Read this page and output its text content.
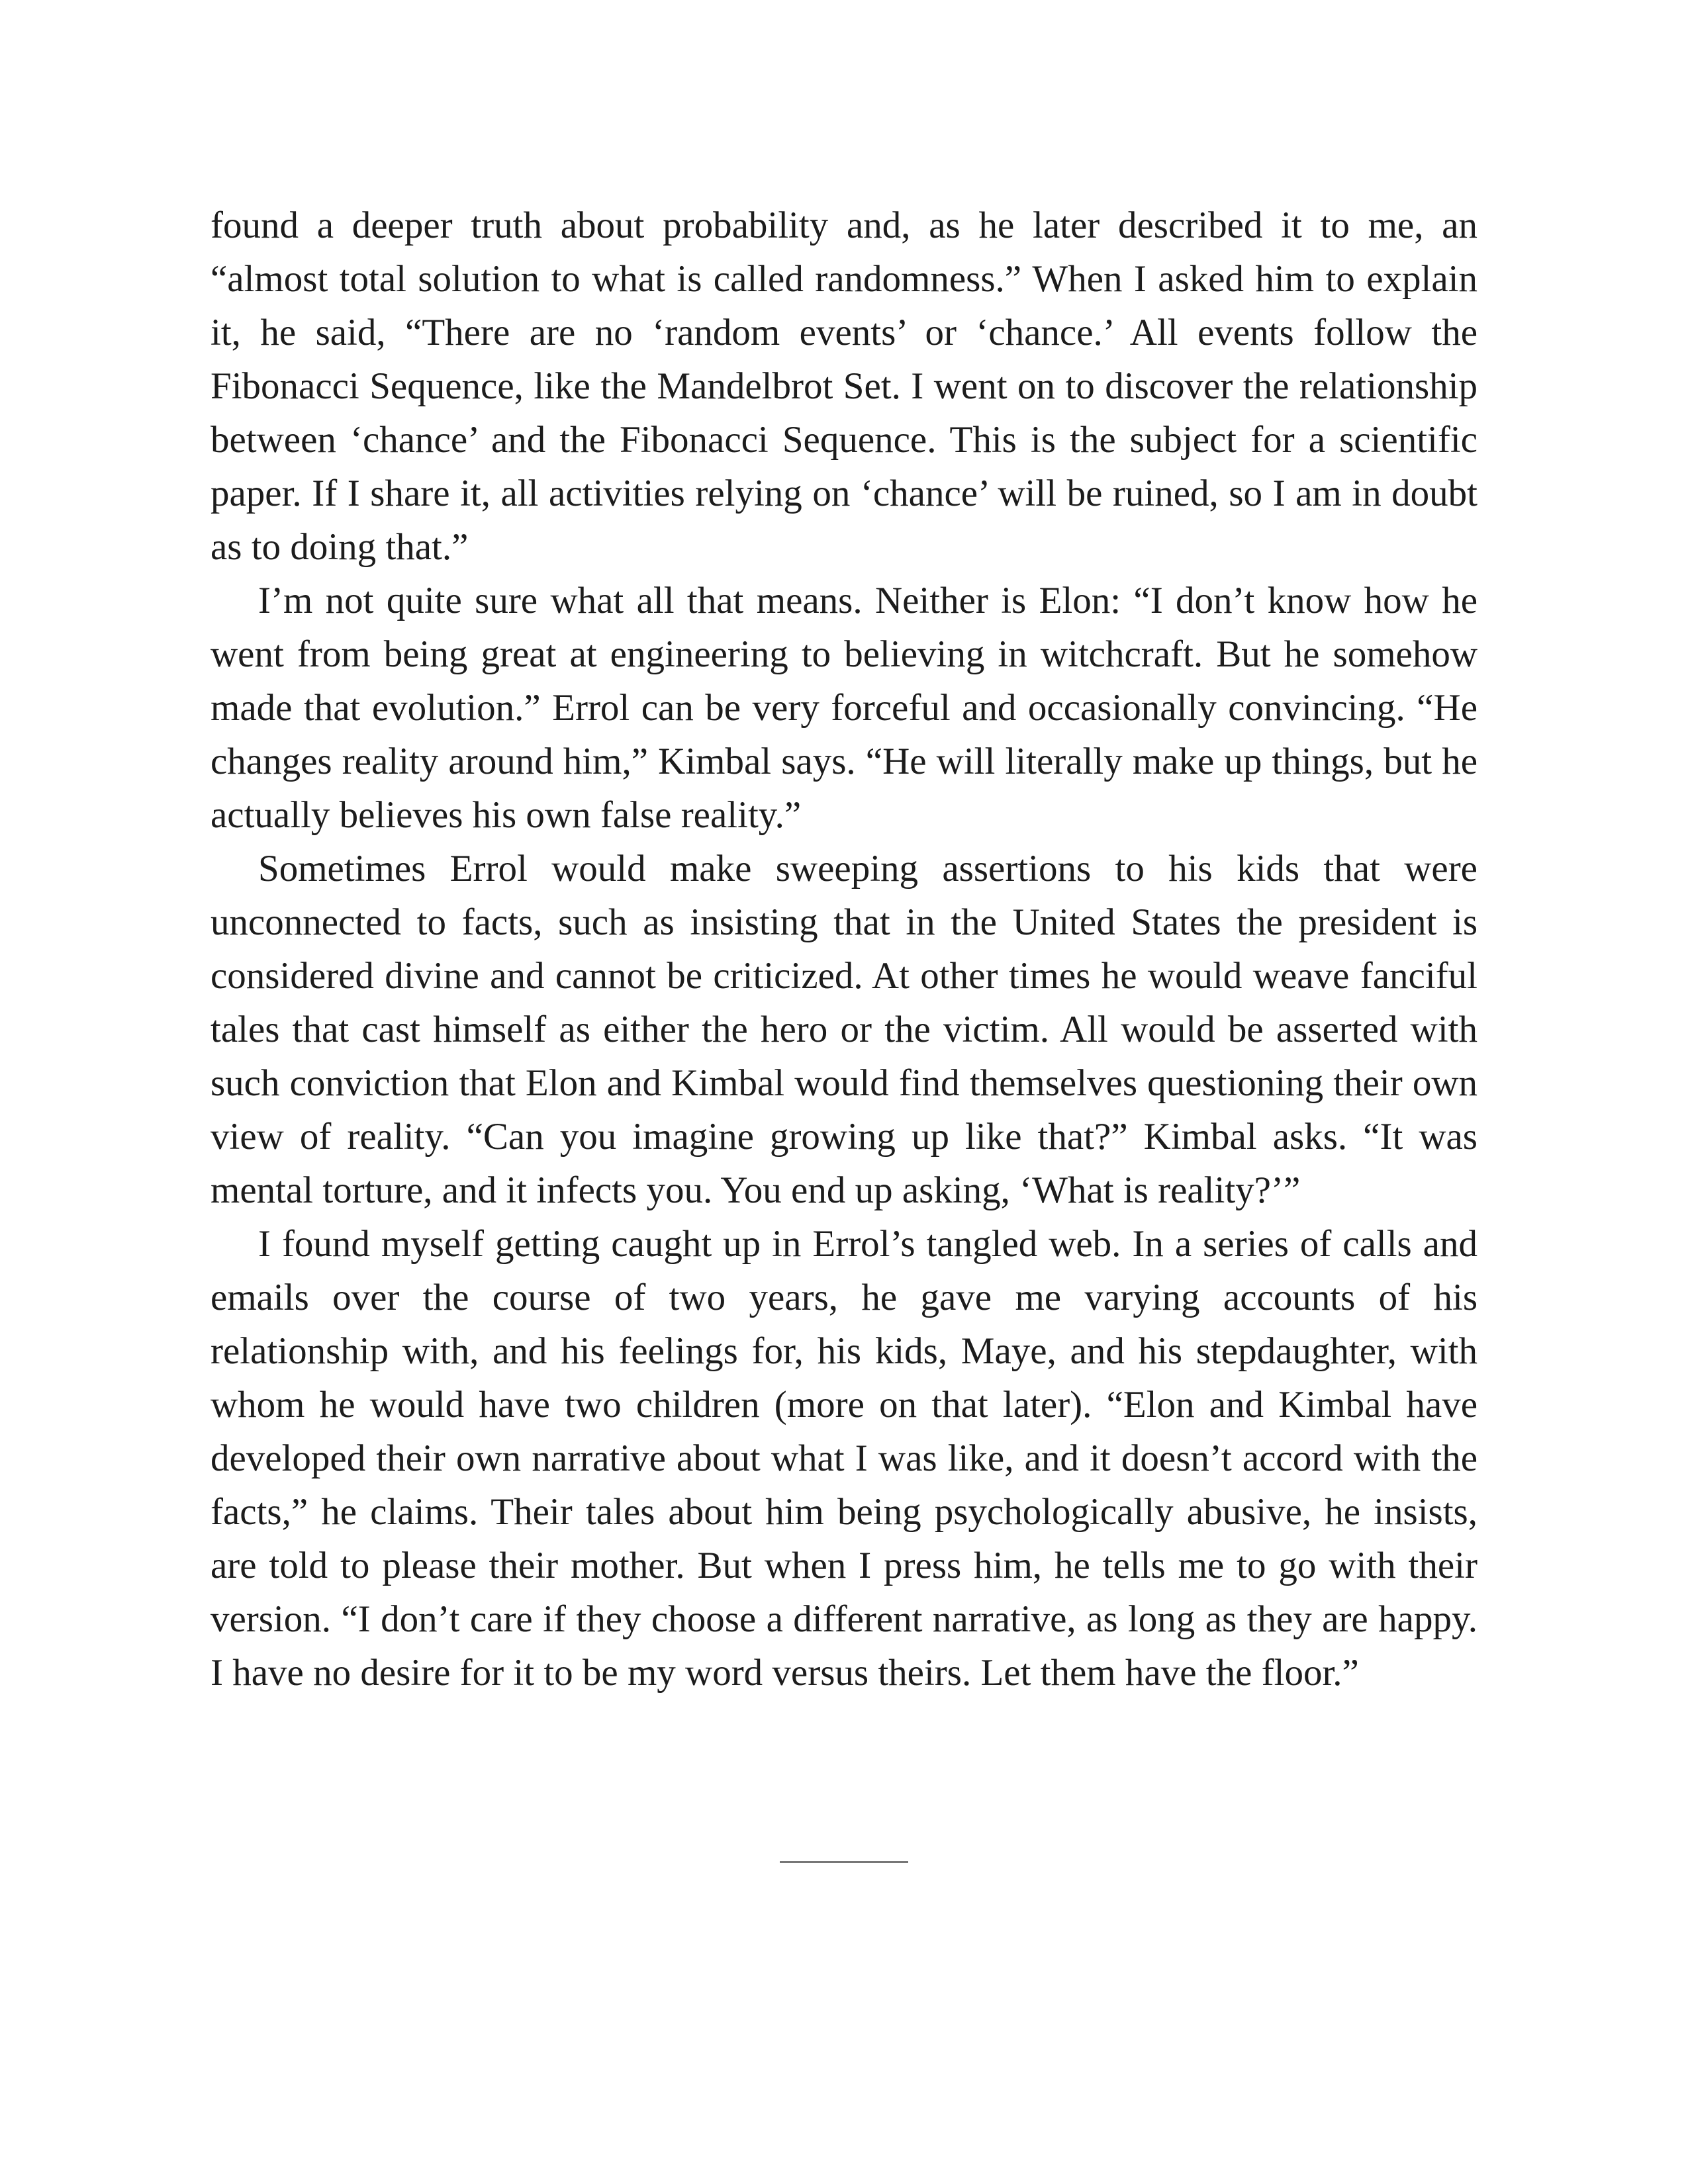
found a deeper truth about probability and, as he later described it to me, an “almost total solution to what is called randomness.” When I asked him to explain it, he said, “There are no ‘random events’ or ‘chance.’ All events follow the Fibonacci Sequence, like the Mandelbrot Set. I went on to discover the relationship between ‘chance’ and the Fibonacci Sequence. This is the subject for a scientific paper. If I share it, all activities relying on ‘chance’ will be ruined, so I am in doubt as to doing that.”

I’m not quite sure what all that means. Neither is Elon: “I don’t know how he went from being great at engineering to believing in witchcraft. But he somehow made that evolution.” Errol can be very forceful and occasionally convincing. “He changes reality around him,” Kimbal says. “He will literally make up things, but he actually believes his own false reality.”

Sometimes Errol would make sweeping assertions to his kids that were unconnected to facts, such as insisting that in the United States the president is considered divine and cannot be criticized. At other times he would weave fanciful tales that cast himself as either the hero or the victim. All would be asserted with such conviction that Elon and Kimbal would find themselves questioning their own view of reality. “Can you imagine growing up like that?” Kimbal asks. “It was mental torture, and it infects you. You end up asking, ‘What is reality?’”

I found myself getting caught up in Errol’s tangled web. In a series of calls and emails over the course of two years, he gave me varying accounts of his relationship with, and his feelings for, his kids, Maye, and his stepdaughter, with whom he would have two children (more on that later). “Elon and Kimbal have developed their own narrative about what I was like, and it doesn’t accord with the facts,” he claims. Their tales about him being psychologically abusive, he insists, are told to please their mother. But when I press him, he tells me to go with their version. “I don’t care if they choose a different narrative, as long as they are happy. I have no desire for it to be my word versus theirs. Let them have the floor.”
